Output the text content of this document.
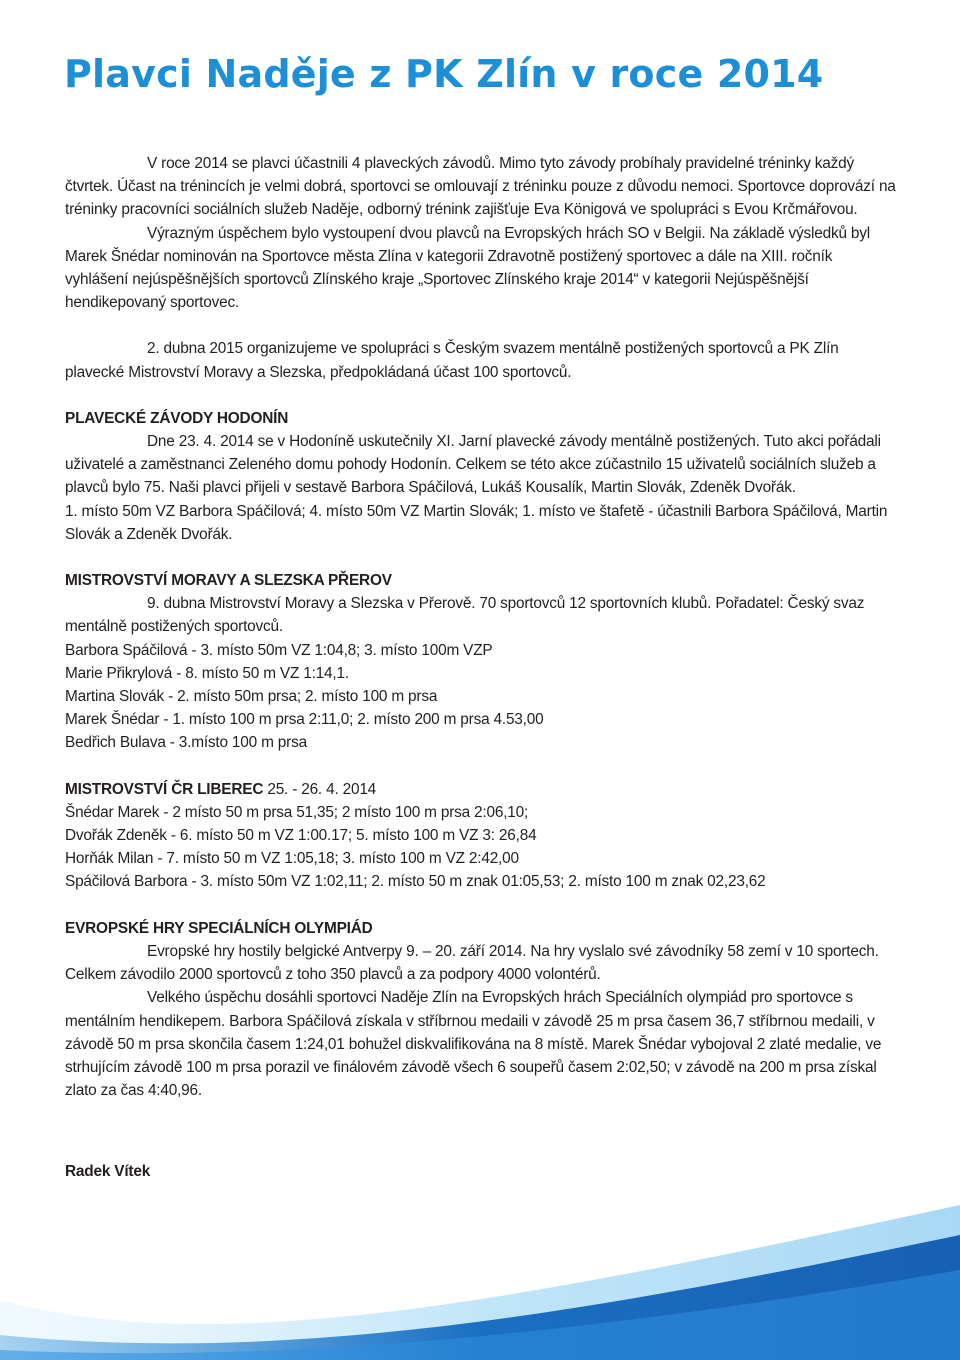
Plavci Naděje z PK Zlín v roce 2014

V roce 2014 se plavci účastnili 4 plaveckých závodů. Mimo tyto závody probíhaly pravidelné tréninky každý čtvrtek. Účast na trénincích je velmi dobrá, sportovci se omlouvají z tréninku pouze z důvodu nemoci. Sportovce doprovází na tréninky pracovníci sociálních služeb Naděje, odborný trénink zajišťuje Eva Königová ve spolupráci s Evou Krčmářovou.

Výrazným úspěchem bylo vystoupení dvou plavců na Evropských hrách SO v Belgii. Na základě výsledků byl Marek Šnédar nominován na Sportovce města Zlína v kategorii Zdravotně postižený sportovec a dále na XIII. ročník vyhlášení nejúspěšnějších sportovců Zlínského kraje „Sportovec Zlínského kraje 2014“ v kategorii Nejúspěšnější hendikepovaný sportovec.

2. dubna 2015 organizujeme ve spolupráci s Českým svazem mentálně postižených sportovců a PK Zlín plavecké Mistrovství Moravy a Slezska, předpokládaná účast 100 sportovců.

PLAVECKÉ ZÁVODY HODONÍN

Dne 23. 4. 2014 se v Hodoníně uskutečnily XI. Jarní plavecké závody mentálně postižených. Tuto akci pořádali uživatelé a zaměstnanci Zeleného domu pohody Hodonín. Celkem se této akce zúčastnilo 15 uživatelů sociálních služeb a plavců bylo 75. Naši plavci přijeli v sestavě Barbora Spáčilová, Lukáš Kousalík, Martin Slovák, Zdeněk Dvořák.

1. místo 50m VZ Barbora Spáčilová; 4. místo 50m VZ Martin Slovák; 1. místo ve štafetě - účastnili Barbora Spáčilová, Martin Slovák a Zdeněk Dvořák.

MISTROVSTVÍ MORAVY A SLEZSKA PŘEROV

9. dubna Mistrovství Moravy a Slezska v Přerově. 70 sportovců 12 sportovních klubů. Pořadatel: Český svaz mentálně postižených sportovců.

Barbora Spáčilová - 3. místo 50m VZ 1:04,8; 3. místo 100m VZP

Marie Přikrylová - 8. místo 50 m VZ 1:14,1.

Martina Slovák - 2. místo 50m prsa; 2. místo 100 m prsa

Marek Šnédar - 1. místo 100 m prsa 2:11,0; 2. místo 200 m prsa 4.53,00

Bedřich Bulava - 3.místo 100 m prsa

MISTROVSTVÍ ČR LIBEREC 25. - 26. 4. 2014

Šnédar Marek - 2 místo 50 m prsa 51,35; 2 místo 100 m prsa 2:06,10;

Dvořák Zdeněk - 6. místo 50 m VZ 1:00.17; 5. místo 100 m VZ 3: 26,84

Horňák Milan - 7. místo 50 m VZ 1:05,18; 3. místo 100 m VZ 2:42,00

Spáčilová Barbora - 3. místo 50m VZ 1:02,11; 2. místo 50 m znak 01:05,53; 2. místo 100 m znak 02,23,62

EVROPSKÉ HRY SPECIÁLNÍCH OLYMPIÁD

Evropské hry hostily belgické Antverpy 9. – 20. září 2014. Na hry vyslalo své závodníky 58 zemí v 10 sportech. Celkem závodilo 2000 sportovců z toho 350 plavců a za podpory 4000 volontérů.

Velkého úspěchu dosáhli sportovci Naděje Zlín na Evropských hrách Speciálních olympiád pro sportovce s mentálním hendikepem. Barbora Spáčilová získala v stříbrnou medaili v závodě 25 m prsa časem 36,7 stříbrnou medaili, v závodě 50 m prsa skončila časem 1:24,01 bohužel diskvalifikována na 8 místě. Marek Šnédar vybojoval 2 zlaté medalie, ve strhujícím závodě 100 m prsa porazil ve finálovém závodě všech 6 soupeřů časem 2:02,50; v závodě na 200 m prsa získal zlato za čas 4:40,96.

Radek Vítek
